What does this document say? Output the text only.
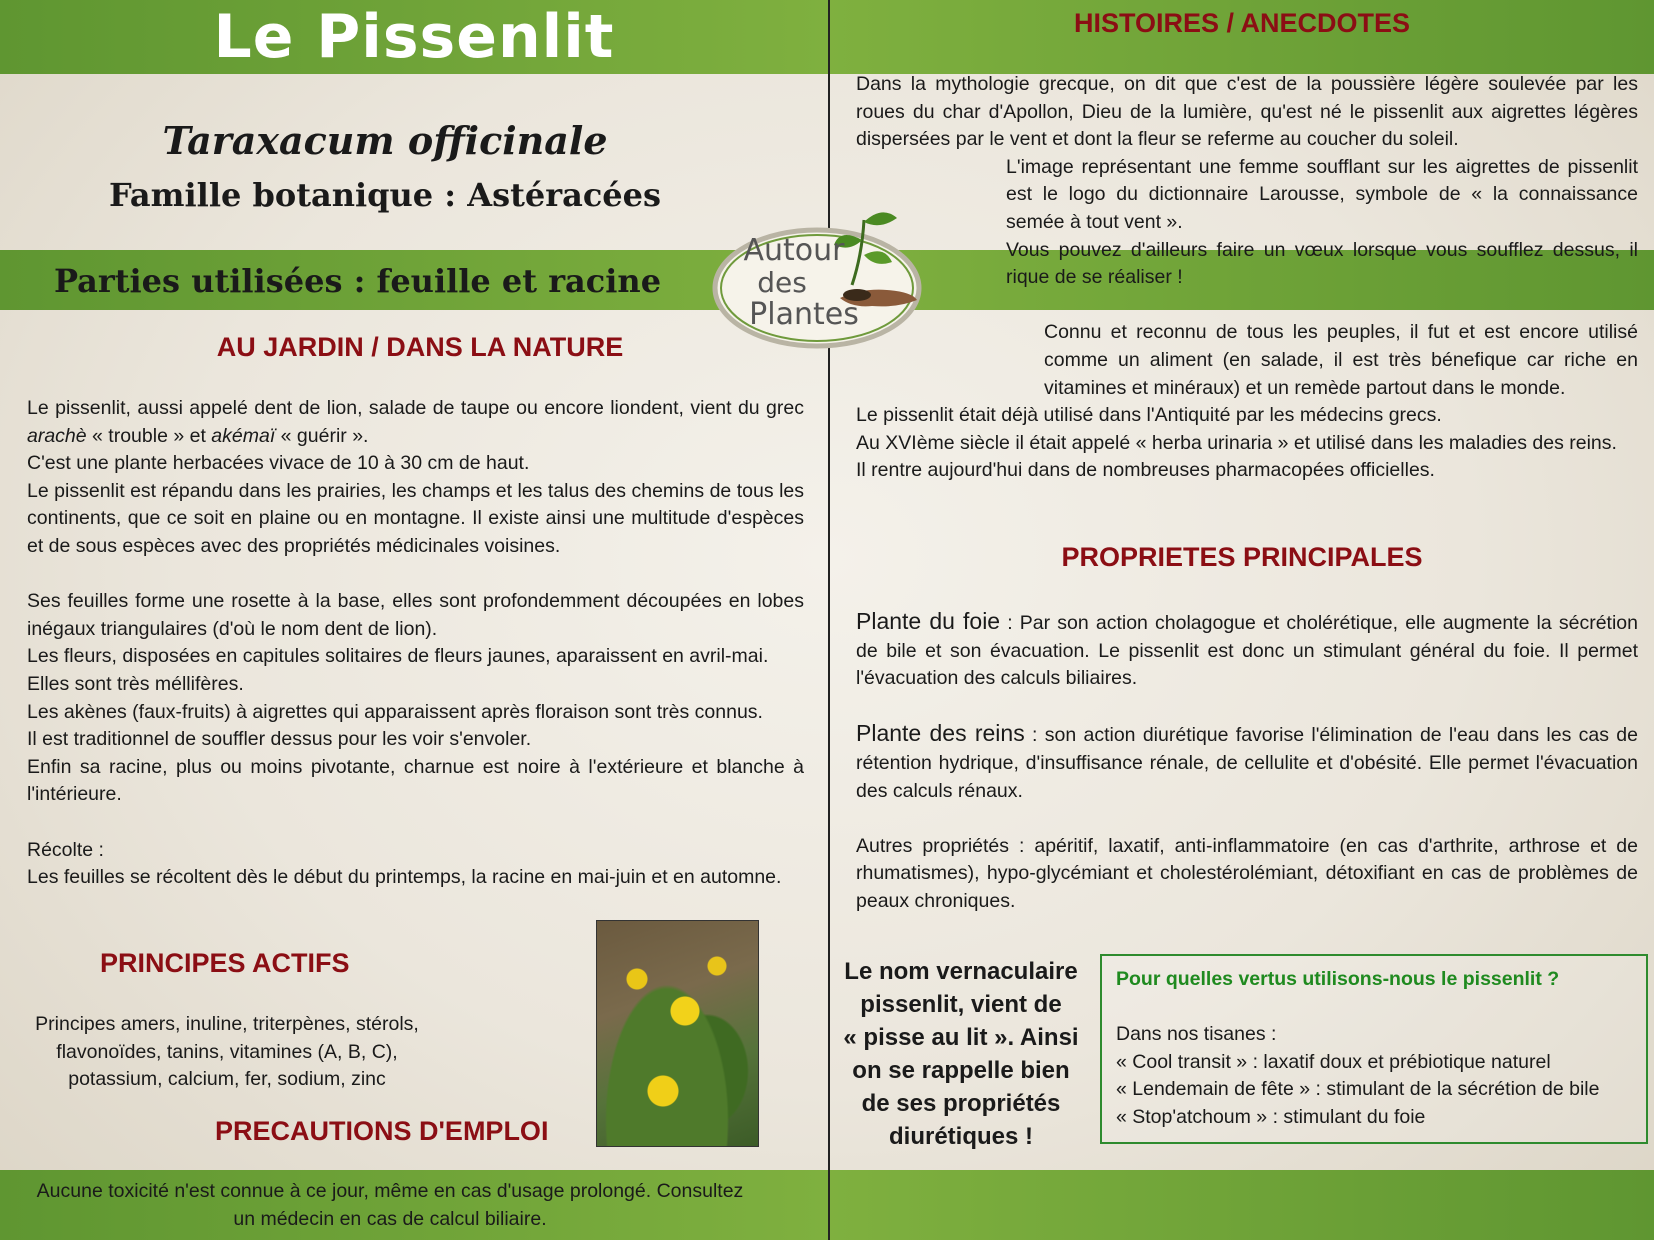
Le Pissenlit
Taraxacum officinale
Famille botanique : Astéracées
Parties utilisées : feuille et racine
AU JARDIN / DANS LA NATURE

Le pissenlit, aussi appelé dent de lion, salade de taupe ou encore liondent, vient du grec arachè « trouble » et akémaï « guérir ».

C'est une plante herbacées vivace de 10 à 30 cm de haut.

Le pissenlit est répandu dans les prairies, les champs et les talus des chemins de tous les continents, que ce soit en plaine ou en montagne. Il existe ainsi une multitude d'espèces et de sous espèces avec des propriétés médicinales voisines.

Ses feuilles forme une rosette à la base, elles sont profondemment découpées en lobes inégaux triangulaires (d'où le nom dent de lion).

Les fleurs, disposées en capitules solitaires de fleurs jaunes, aparaissent en avril-mai.

Elles sont très méllifères.

Les akènes (faux-fruits) à aigrettes qui apparaissent après floraison sont très connus.

Il est traditionnel de souffler dessus pour les voir s'envoler.

Enfin sa racine, plus ou moins pivotante, charnue est noire à l'extérieure et blanche à l'intérieure.

Récolte :

Les feuilles se récoltent dès le début du printemps, la racine en mai-juin et en automne.

PRINCIPES ACTIFS

Principes amers, inuline, triterpènes, stérols,

flavonoïdes, tanins, vitamines (A, B, C),

potassium, calcium, fer, sodium, zinc

PRECAUTIONS D'EMPLOI
Aucune toxicité n'est connue à ce jour, même en cas d'usage prolongé. Consultez
un médecin en cas de calcul biliaire.
Autour
des
Plantes
HISTOIRES / ANECDOTES

Dans la mythologie grecque, on dit que c'est de la poussière légère soulevée par les roues du char d'Apollon, Dieu de la lumière, qu'est né le pissenlit aux aigrettes légères dispersées par le vent et dont la fleur se referme au coucher du soleil.

L'image représentant une femme soufflant sur les aigrettes de pissenlit est le logo du dictionnaire Larousse, symbole de « la connaissance semée à tout vent ».

Vous pouvez d'ailleurs faire un vœux lorsque vous soufflez dessus, il rique de se réaliser !

Connu et reconnu de tous les peuples, il fut et est encore utilisé comme un aliment (en salade, il est très bénefique car riche en vitamines et minéraux) et un remède partout dans le monde.

Le pissenlit était déjà utilisé dans l'Antiquité par les médecins grecs.

Au XVIème siècle il était appelé « herba urinaria » et utilisé dans les maladies des reins.

Il rentre aujourd'hui dans de nombreuses pharmacopées officielles.

PROPRIETES PRINCIPALES

Plante du foie : Par son action cholagogue et cholérétique, elle augmente la sécrétion de bile et son évacuation. Le pissenlit est donc un stimulant général du foie. Il permet l'évacuation des calculs biliaires.

Plante des reins : son action diurétique favorise l'élimination de l'eau dans les cas de rétention hydrique, d'insuffisance rénale, de cellulite et d'obésité. Elle permet l'évacuation des calculs rénaux.

Autres propriétés : apéritif, laxatif, anti-inflammatoire (en cas d'arthrite, arthrose et de rhumatismes), hypo-glycémiant et cholestérolémiant, détoxifiant en cas de problèmes de peaux chroniques.

Le nom vernaculaire
pissenlit, vient de
« pisse au lit ». Ainsi
on se rappelle bien
de ses propriétés
diurétiques !
Pour quelles vertus utilisons-nous le pissenlit ?
Dans nos tisanes :
« Cool transit » : laxatif doux et prébiotique naturel
« Lendemain de fête » : stimulant de la sécrétion de bile
« Stop'atchoum » : stimulant du foie
